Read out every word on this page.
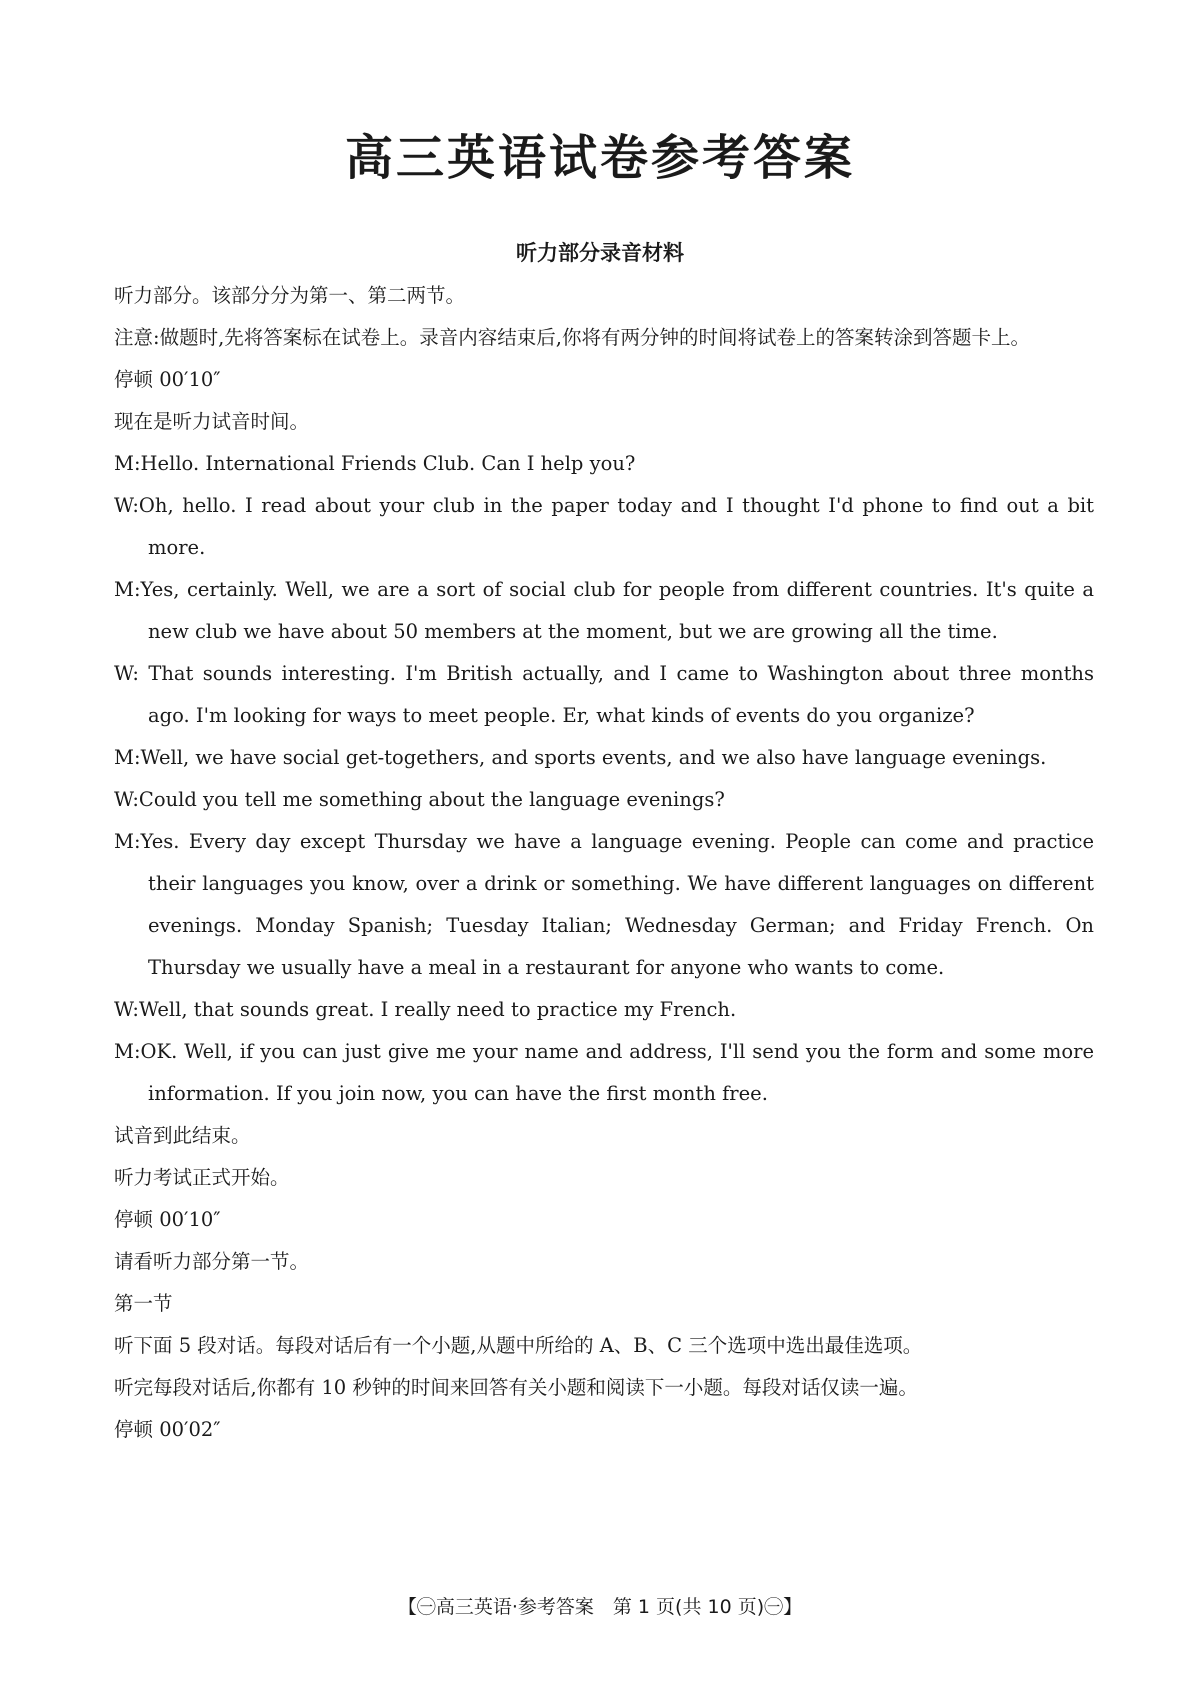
高三英语试卷参考答案
听力部分录音材料

听力部分。该部分分为第一、第二两节。

注意:做题时,先将答案标在试卷上。录音内容结束后,你将有两分钟的时间将试卷上的答案转涂到答题卡上。

停顿 00′10″

现在是听力试音时间。

M:Hello. International Friends Club. Can I help you?

W:Oh, hello. I read about your club in the paper today and I thought I'd phone to find out a bit more.

M:Yes, certainly. Well, we are a sort of social club for people from different countries. It's quite a new club we have about 50 members at the moment, but we are growing all the time.

W: That sounds interesting. I'm British actually, and I came to Washington about three months ago. I'm looking for ways to meet people. Er, what kinds of events do you organize?

M:Well, we have social get-togethers, and sports events, and we also have language evenings.

W:Could you tell me something about the language evenings?

M:Yes. Every day except Thursday we have a language evening. People can come and practice their languages you know, over a drink or something. We have different languages on different evenings. Monday Spanish; Tuesday Italian; Wednesday German; and Friday French. On Thursday we usually have a meal in a restaurant for anyone who wants to come.

W:Well, that sounds great. I really need to practice my French.

M:OK. Well, if you can just give me your name and address, I'll send you the form and some more information. If you join now, you can have the first month free.

试音到此结束。

听力考试正式开始。

停顿 00′10″

请看听力部分第一节。

第一节

听下面 5 段对话。每段对话后有一个小题,从题中所给的 A、B、C 三个选项中选出最佳选项。

听完每段对话后,你都有 10 秒钟的时间来回答有关小题和阅读下一小题。每段对话仅读一遍。

停顿 00′02″

【㊀高三英语·参考答案　第 1 页(共 10 页)㊀】
